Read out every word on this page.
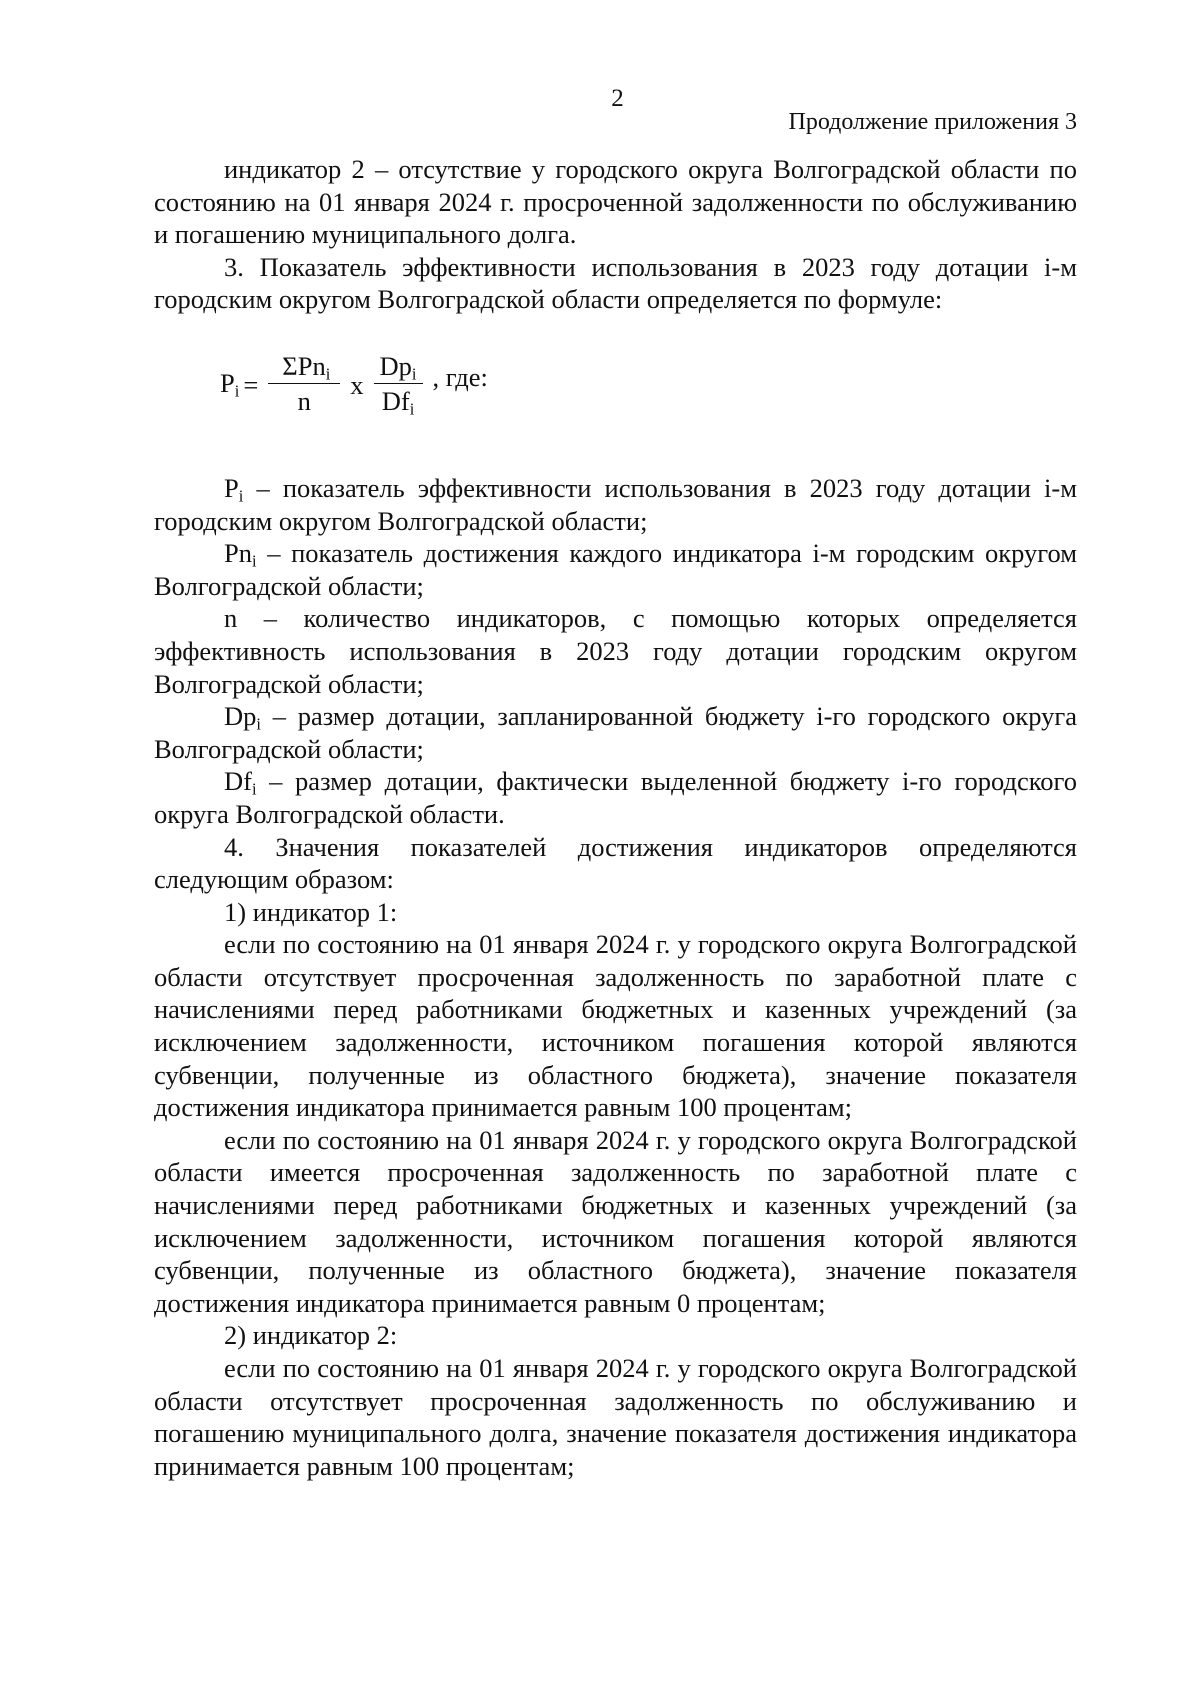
2
Продолжение приложения 3

индикатор 2 – отсутствие у городского округа Волгоградской области по состоянию на 01 января 2024 г. просроченной задолженности по обслуживанию и погашению муниципального долга.

3. Показатель эффективности использования в 2023 году дотации i-м городским округом Волгоградской области определяется по формуле:

$P_i = \frac{\Sigma Pn_i}{n}$ x $\frac{Dp_i}{Df_i}$ , где:

$P_i$ – показатель эффективности использования в 2023 году дотации i-м городским округом Волгоградской области;

$Pn_i$ – показатель достижения каждого индикатора i-м городским округом Волгоградской области;

n – количество индикаторов, с помощью которых определяется эффективность использования в 2023 году дотации городским округом Волгоградской области;

$Dp_i$ – размер дотации, запланированной бюджету i-го городского округа Волгоградской области;

$Df_i$ – размер дотации, фактически выделенной бюджету i-го городского округа Волгоградской области.

4. Значения показателей достижения индикаторов определяются следующим образом:

1) индикатор 1:

если по состоянию на 01 января 2024 г. у городского округа Волгоградской области отсутствует просроченная задолженность по заработной плате с начислениями перед работниками бюджетных и казенных учреждений (за исключением задолженности, источником погашения которой являются субвенции, полученные из областного бюджета), значение показателя достижения индикатора принимается равным 100 процентам;

если по состоянию на 01 января 2024 г. у городского округа Волгоградской области имеется просроченная задолженность по заработной плате с начислениями перед работниками бюджетных и казенных учреждений (за исключением задолженности, источником погашения которой являются субвенции, полученные из областного бюджета), значение показателя достижения индикатора принимается равным 0 процентам;

2) индикатор 2:

если по состоянию на 01 января 2024 г. у городского округа Волгоградской области отсутствует просроченная задолженность по обслуживанию и погашению муниципального долга, значение показателя достижения индикатора принимается равным 100 процентам;
